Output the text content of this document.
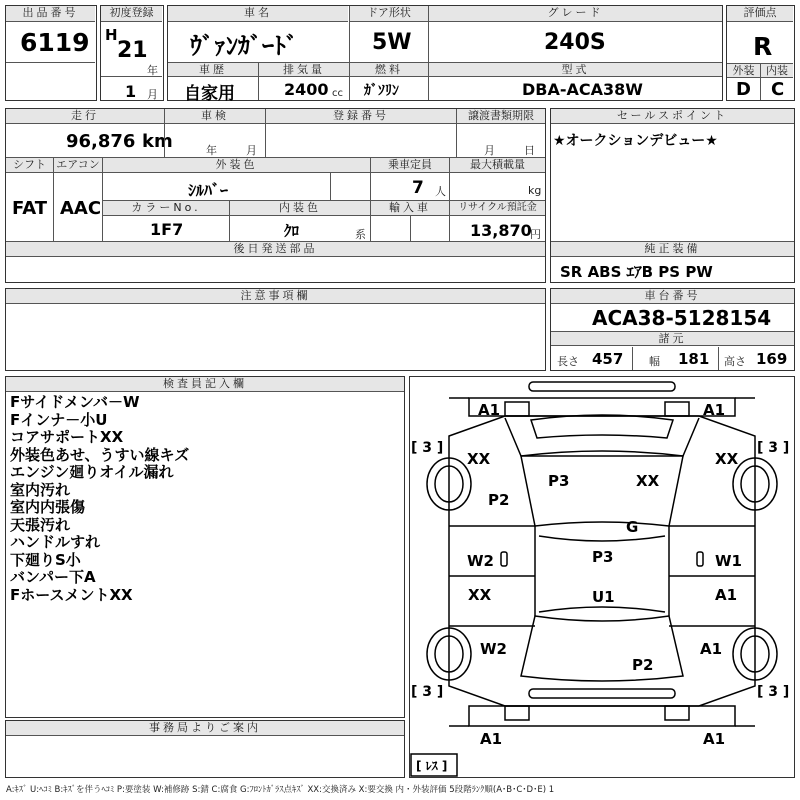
出品番号
6119
初度登録
H
21
年
1 月
車名
ｳﾞｧﾝｶﾞｰﾄﾞ
ドア形状
5W
グレード
240S
車歴
自家用
排気量
2400 cc
燃料
ｶﾞｿﾘﾝ
型式
DBA-ACA38W
評価点
R
外装	内装
D C
走行
96,876 km
車検
年	月
登録番号	譲渡書類期限
月	日
シフト
FAT
エアコン
AAC
外装色
ｼﾙﾊﾞｰ
乗車定員
7 人
最大積載量
kg
カラーNo.
1F7
内装色
ｸﾛ	系
輸入車	リサイクル預託金
13,870
円
後日発送部品
セールスポイント
★オークションデビュー★
純正装備
SR ABS ｴｱB PS PW
注意事項欄	車台番号
ACA38-5128154
諸元
長さ 457 幅 181 高さ 169
検査員記入欄
Fサイドメンバ－W
Fインナ－小U
コアサポートXX
外装色あせ、うすい線キズ
エンジン廻りオイル漏れ
室内汚れ
室内内張傷
天張汚れ
ハンドルすれ
下廻りS小
バンパー下A
FホースメントXX
事務局よりご案内
A1	A1
XX	XX
P3	XX
P2
G
W2	P3	W1
XX	U1	A1
W2	A1
P2
A1	A1
[ 3 ]	[ 3 ]
[ 3 ]	[ 3 ]
[ ﾚｽ ]
A:ｷｽﾞ U:ﾍｺﾐ B:ｷｽﾞを伴うﾍｺﾐ P:要塗装 W:補修跡 S:錆 C:腐食 G:ﾌﾛﾝﾄｶﾞﾗｽ点ｷｽﾞ XX:交換済み X:要交換 内・外装評価 5段階ﾗﾝｸ順(A･B･C･D･E) 1
